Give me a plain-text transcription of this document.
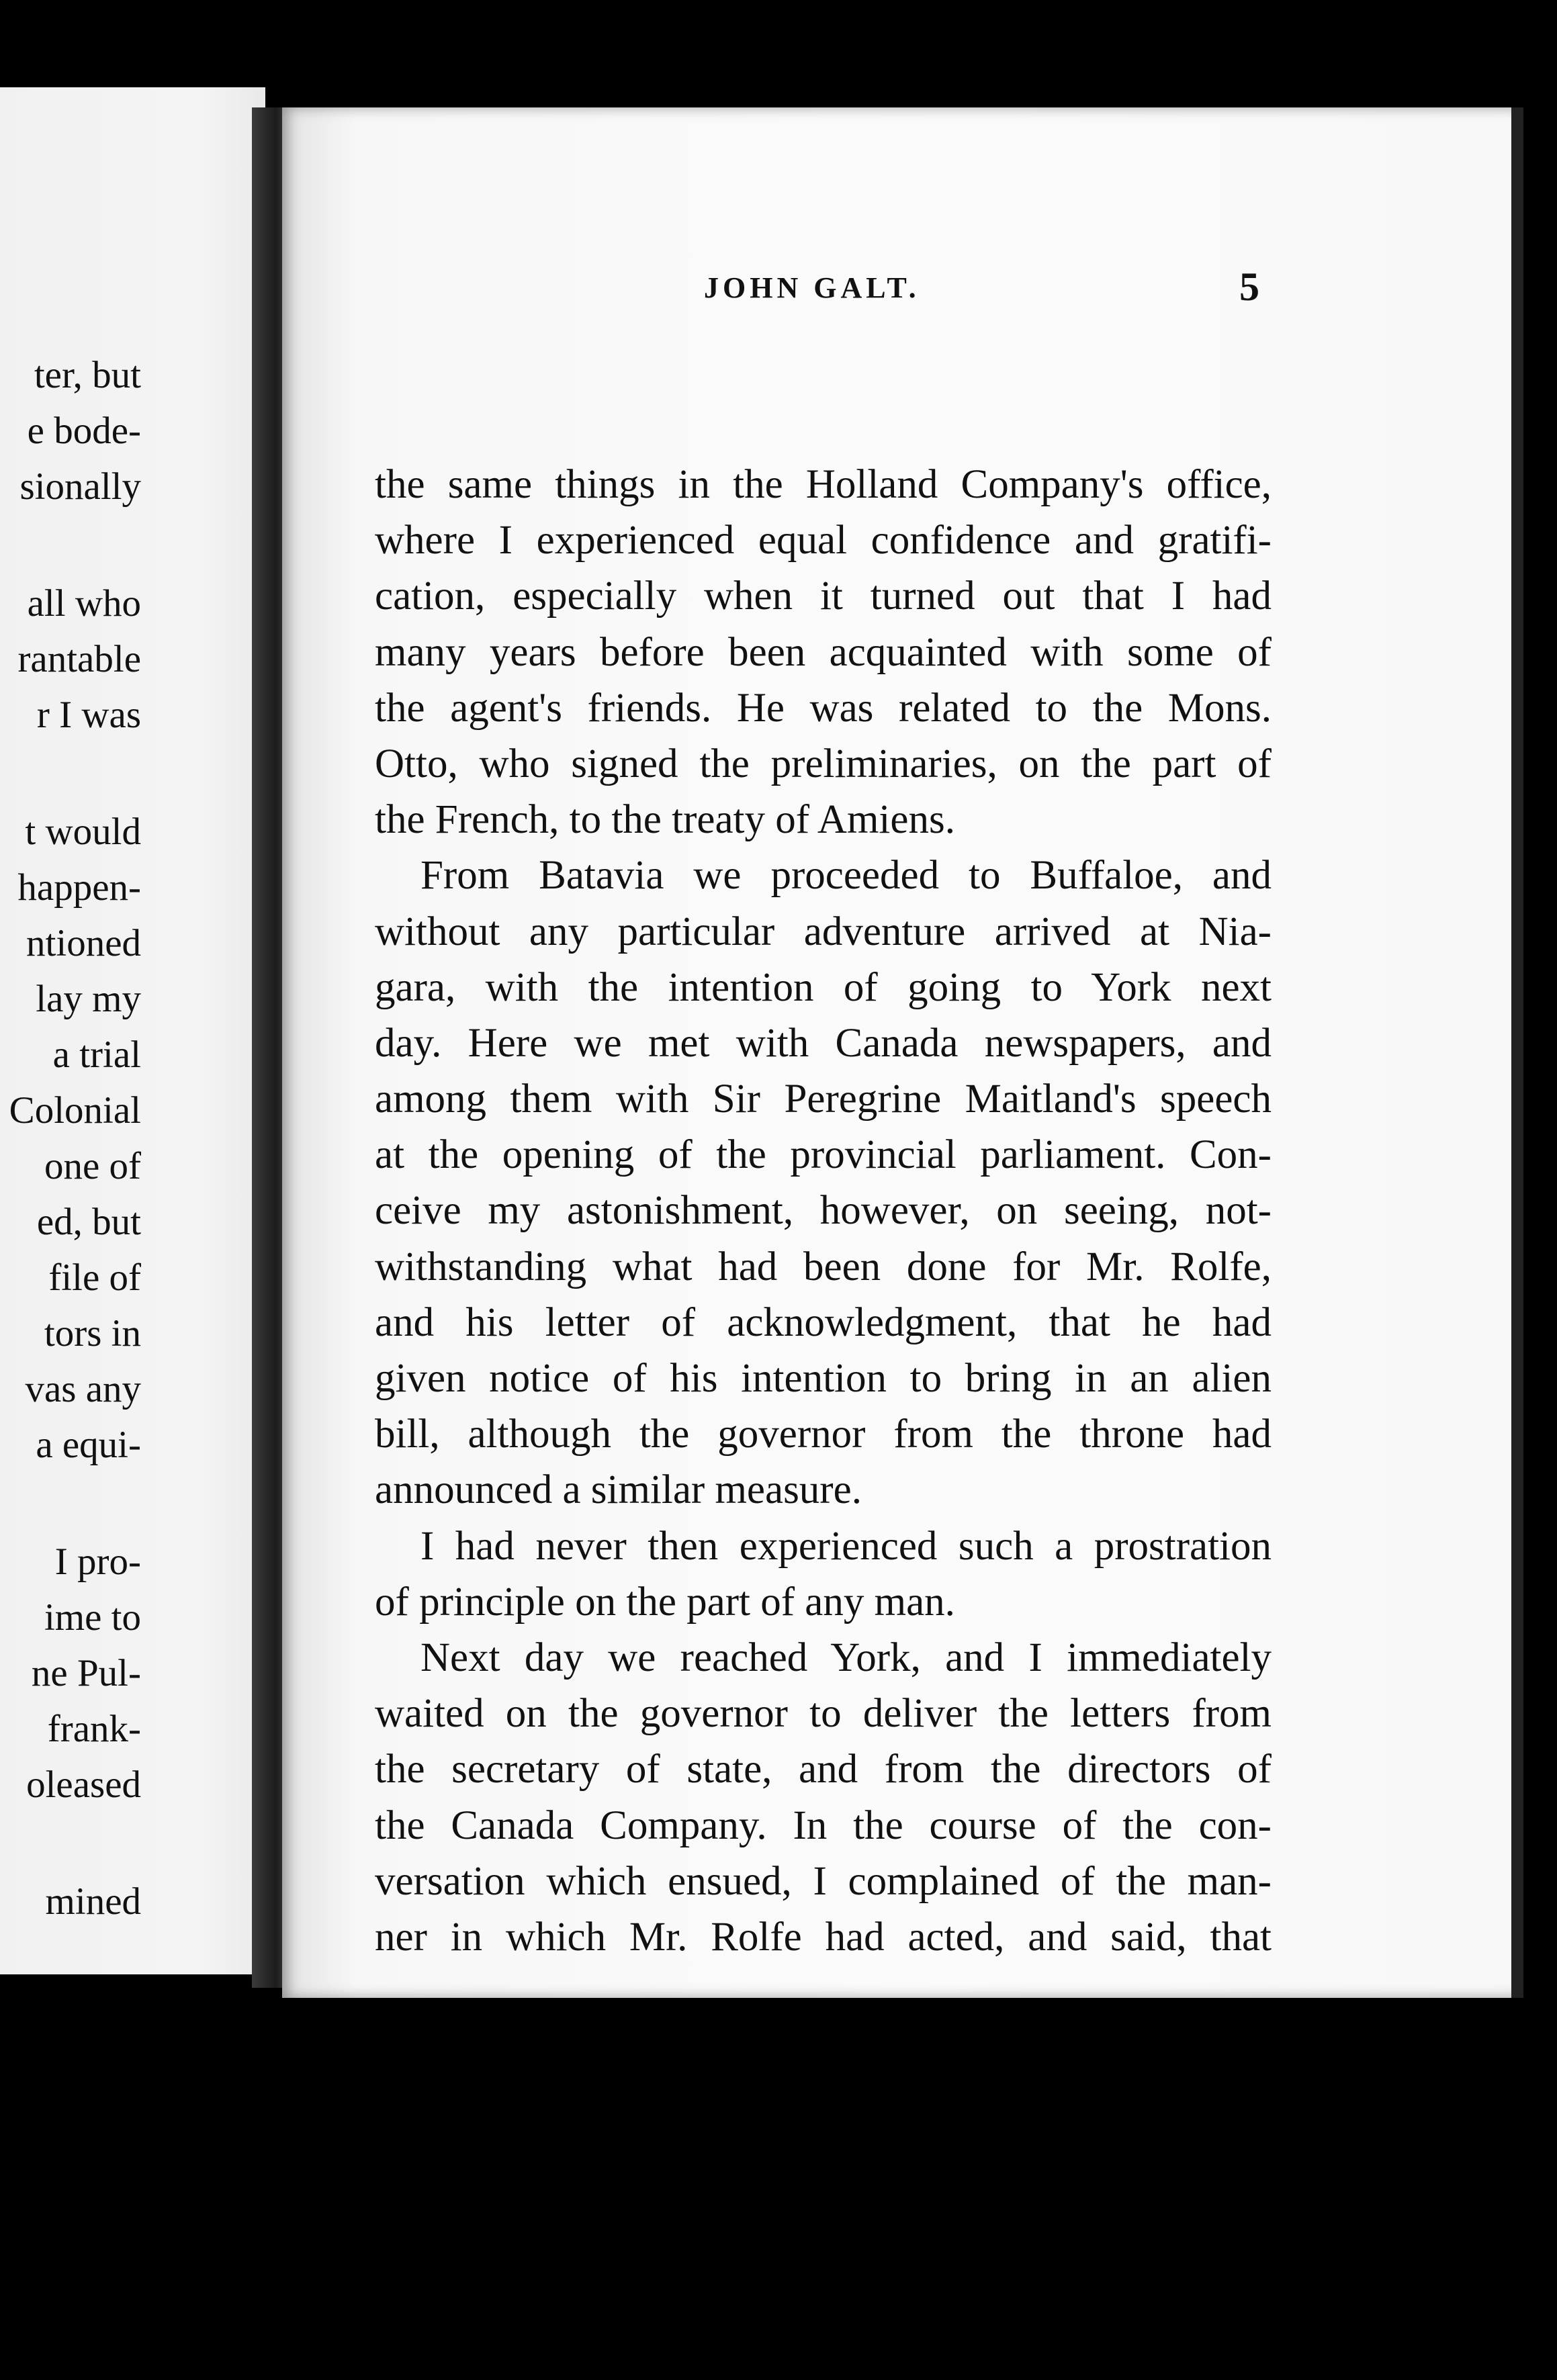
ter, but
e bode-
sionally
all who
rantable
r I was
t would
happen-
ntioned
lay my
a trial
Colonial
one of
ed, but
file of
tors in
vas any
a equi-
I pro-
ime to
ne Pul-
frank-
oleased
mined
JOHN GALT.	5
the same things in the Holland Company's office,
where I experienced equal confidence and gratifi-
cation, especially when it turned out that I had
many years before been acquainted with some of
the agent's friends. He was related to the Mons.
Otto, who signed the preliminaries, on the part of
the French, to the treaty of Amiens.
From Batavia we proceeded to Buffaloe, and
without any particular adventure arrived at Nia-
gara, with the intention of going to York next
day. Here we met with Canada newspapers, and
among them with Sir Peregrine Maitland's speech
at the opening of the provincial parliament. Con-
ceive my astonishment, however, on seeing, not-
withstanding what had been done for Mr. Rolfe,
and his letter of acknowledgment, that he had
given notice of his intention to bring in an alien
bill, although the governor from the throne had
announced a similar measure.
I had never then experienced such a prostration
of principle on the part of any man.
Next day we reached York, and I immediately
waited on the governor to deliver the letters from
the secretary of state, and from the directors of
the Canada Company. In the course of the con-
versation which ensued, I complained of the man-
ner in which Mr. Rolfe had acted, and said, that
